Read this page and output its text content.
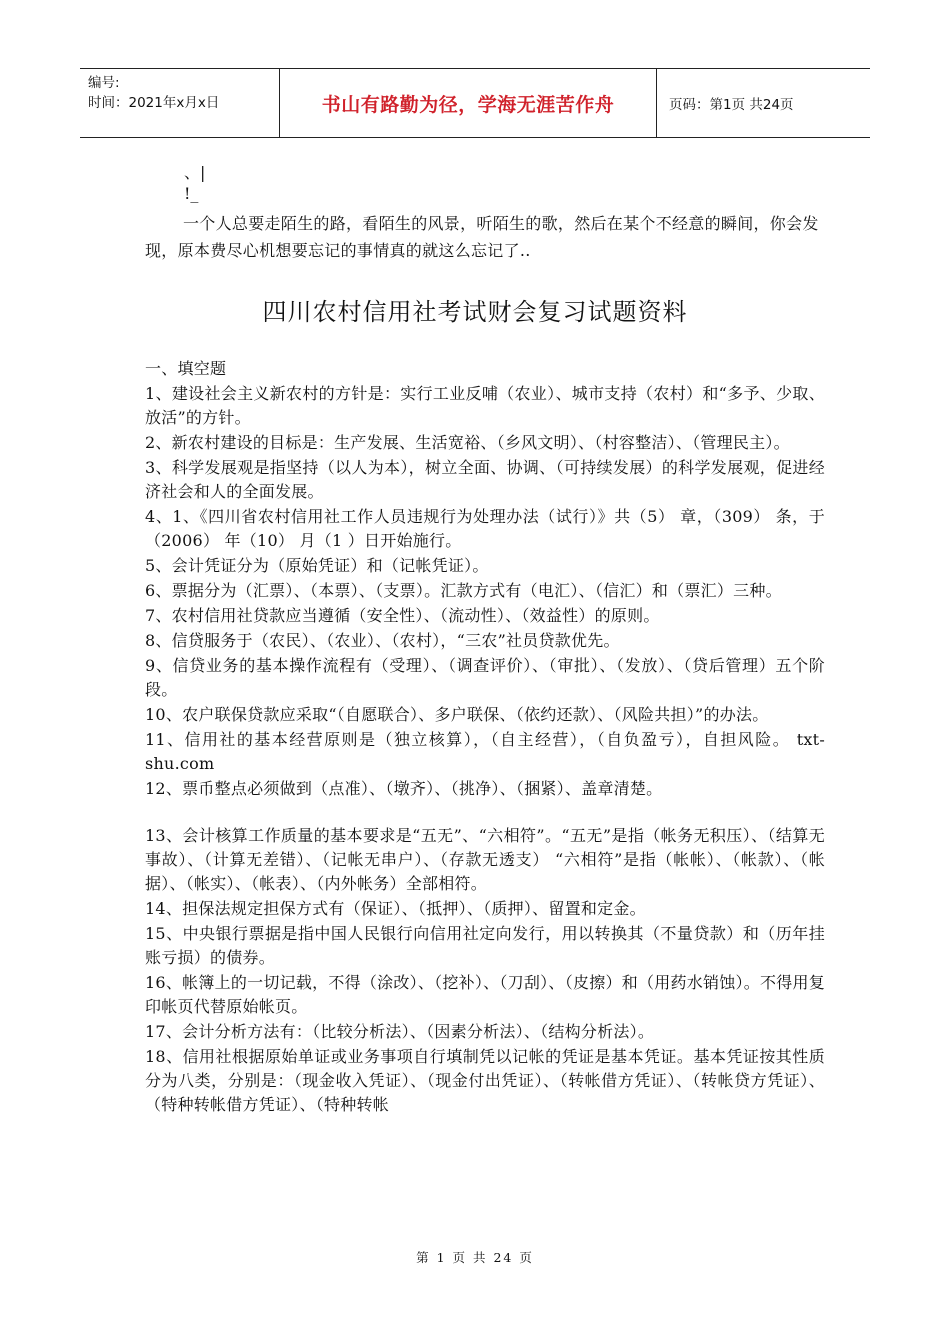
编号:
时间：2021年x月x日	书山有路勤为径，学海无涯苦作舟	页码：第1页 共24页
、|
!_
一个人总要走陌生的路，看陌生的风景，听陌生的歌，然后在某个不经意的瞬间，你会发现，原本费尽心机想要忘记的事情真的就这么忘记了..
四川农村信用社考试财会复习试题资料
一、填空题
1、建设社会主义新农村的方针是：实行工业反哺（农业）、城市支持（农村）和“多予、少取、放活”的方针。
2、新农村建设的目标是：生产发展、生活宽裕、（乡风文明）、（村容整洁）、（管理民主）。
3、科学发展观是指坚持（以人为本），树立全面、协调、（可持续发展）的科学发展观，促进经济社会和人的全面发展。
4、1、《四川省农村信用社工作人员违规行为处理办法（试行）》共（5） 章，（309） 条，于（2006） 年（10） 月（1 ）日开始施行。
5、会计凭证分为（原始凭证）和（记帐凭证）。
6、票据分为（汇票）、（本票）、（支票）。汇款方式有（电汇）、（信汇）和（票汇）三种。
7、农村信用社贷款应当遵循（安全性）、（流动性）、（效益性）的原则。
8、信贷服务于（农民）、（农业）、（农村），“三农”社员贷款优先。
9、信贷业务的基本操作流程有（受理）、（调查评价）、（审批）、（发放）、（贷后管理）五个阶段。
10、农户联保贷款应采取“（自愿联合）、多户联保、（依约还款）、（风险共担）”的办法。
11、信用社的基本经营原则是（独立核算），（自主经营），（自负盈亏），自担风险。 txt-shu.com
12、票币整点必须做到（点准）、（墩齐）、（挑净）、（捆紧）、盖章清楚。
13、会计核算工作质量的基本要求是“五无”、“六相符”。“五无”是指（帐务无积压）、（结算无事故）、（计算无差错）、（记帐无串户）、（存款无透支） “六相符”是指（帐帐）、（帐款）、（帐据）、（帐实）、（帐表）、（内外帐务）全部相符。
14、担保法规定担保方式有（保证）、（抵押）、（质押）、留置和定金。
15、中央银行票据是指中国人民银行向信用社定向发行，用以转换其（不量贷款）和（历年挂账亏损）的债券。
16、帐簿上的一切记载，不得（涂改）、（挖补）、（刀刮）、（皮擦）和（用药水销蚀）。不得用复印帐页代替原始帐页。
17、会计分析方法有：（比较分析法）、（因素分析法）、（结构分析法）。
18、信用社根据原始单证或业务事项自行填制凭以记帐的凭证是基本凭证。基本凭证按其性质分为八类，分别是：（现金收入凭证）、（现金付出凭证）、（转帐借方凭证）、（转帐贷方凭证）、（特种转帐借方凭证）、（特种转帐
第 1 页 共 24 页
